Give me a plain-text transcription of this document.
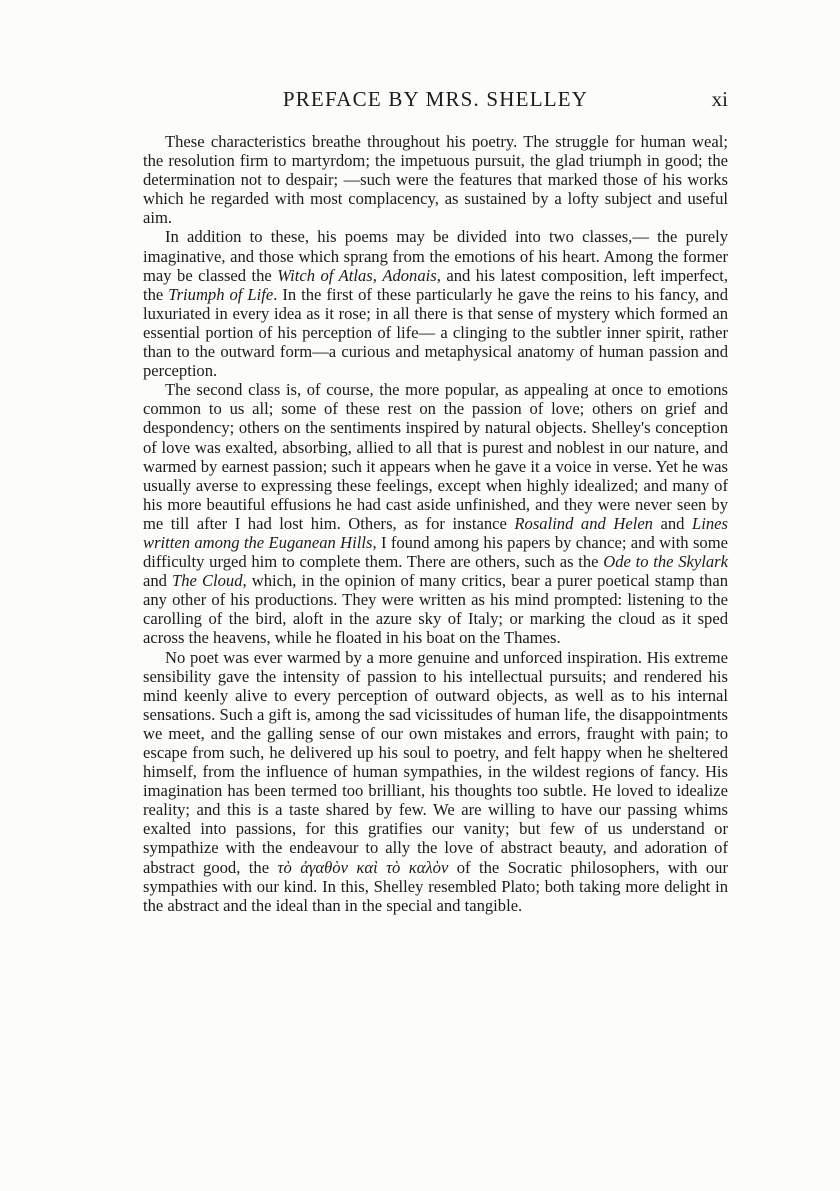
PREFACE BY MRS. SHELLEY	xi

These characteristics breathe throughout his poetry. The struggle for human weal; the resolution firm to martyrdom; the impetuous pursuit, the glad triumph in good; the determination not to despair; —such were the features that marked those of his works which he regarded with most complacency, as sustained by a lofty subject and useful aim.

In addition to these, his poems may be divided into two classes,— the purely imaginative, and those which sprang from the emotions of his heart. Among the former may be classed the Witch of Atlas, Adonais, and his latest composition, left imperfect, the Triumph of Life. In the first of these particularly he gave the reins to his fancy, and luxuriated in every idea as it rose; in all there is that sense of mystery which formed an essential portion of his perception of life— a clinging to the subtler inner spirit, rather than to the outward form—a curious and metaphysical anatomy of human passion and perception.

The second class is, of course, the more popular, as appealing at once to emotions common to us all; some of these rest on the passion of love; others on grief and despondency; others on the sentiments inspired by natural objects. Shelley's conception of love was exalted, absorbing, allied to all that is purest and noblest in our nature, and warmed by earnest passion; such it appears when he gave it a voice in verse. Yet he was usually averse to expressing these feelings, except when highly idealized; and many of his more beautiful effusions he had cast aside unfinished, and they were never seen by me till after I had lost him. Others, as for instance Rosalind and Helen and Lines written among the Euganean Hills, I found among his papers by chance; and with some difficulty urged him to complete them. There are others, such as the Ode to the Skylark and The Cloud, which, in the opinion of many critics, bear a purer poetical stamp than any other of his productions. They were written as his mind prompted: listening to the carolling of the bird, aloft in the azure sky of Italy; or marking the cloud as it sped across the heavens, while he floated in his boat on the Thames.

No poet was ever warmed by a more genuine and unforced inspiration. His extreme sensibility gave the intensity of passion to his intellectual pursuits; and rendered his mind keenly alive to every perception of outward objects, as well as to his internal sensations. Such a gift is, among the sad vicissitudes of human life, the disappointments we meet, and the galling sense of our own mistakes and errors, fraught with pain; to escape from such, he delivered up his soul to poetry, and felt happy when he sheltered himself, from the influence of human sympathies, in the wildest regions of fancy. His imagination has been termed too brilliant, his thoughts too subtle. He loved to idealize reality; and this is a taste shared by few. We are willing to have our passing whims exalted into passions, for this gratifies our vanity; but few of us understand or sympathize with the endeavour to ally the love of abstract beauty, and adoration of abstract good, the τὸ ἀγαθὸν καὶ τὸ καλὸν of the Socratic philosophers, with our sympathies with our kind. In this, Shelley resembled Plato; both taking more delight in the abstract and the ideal than in the special and tangible.
